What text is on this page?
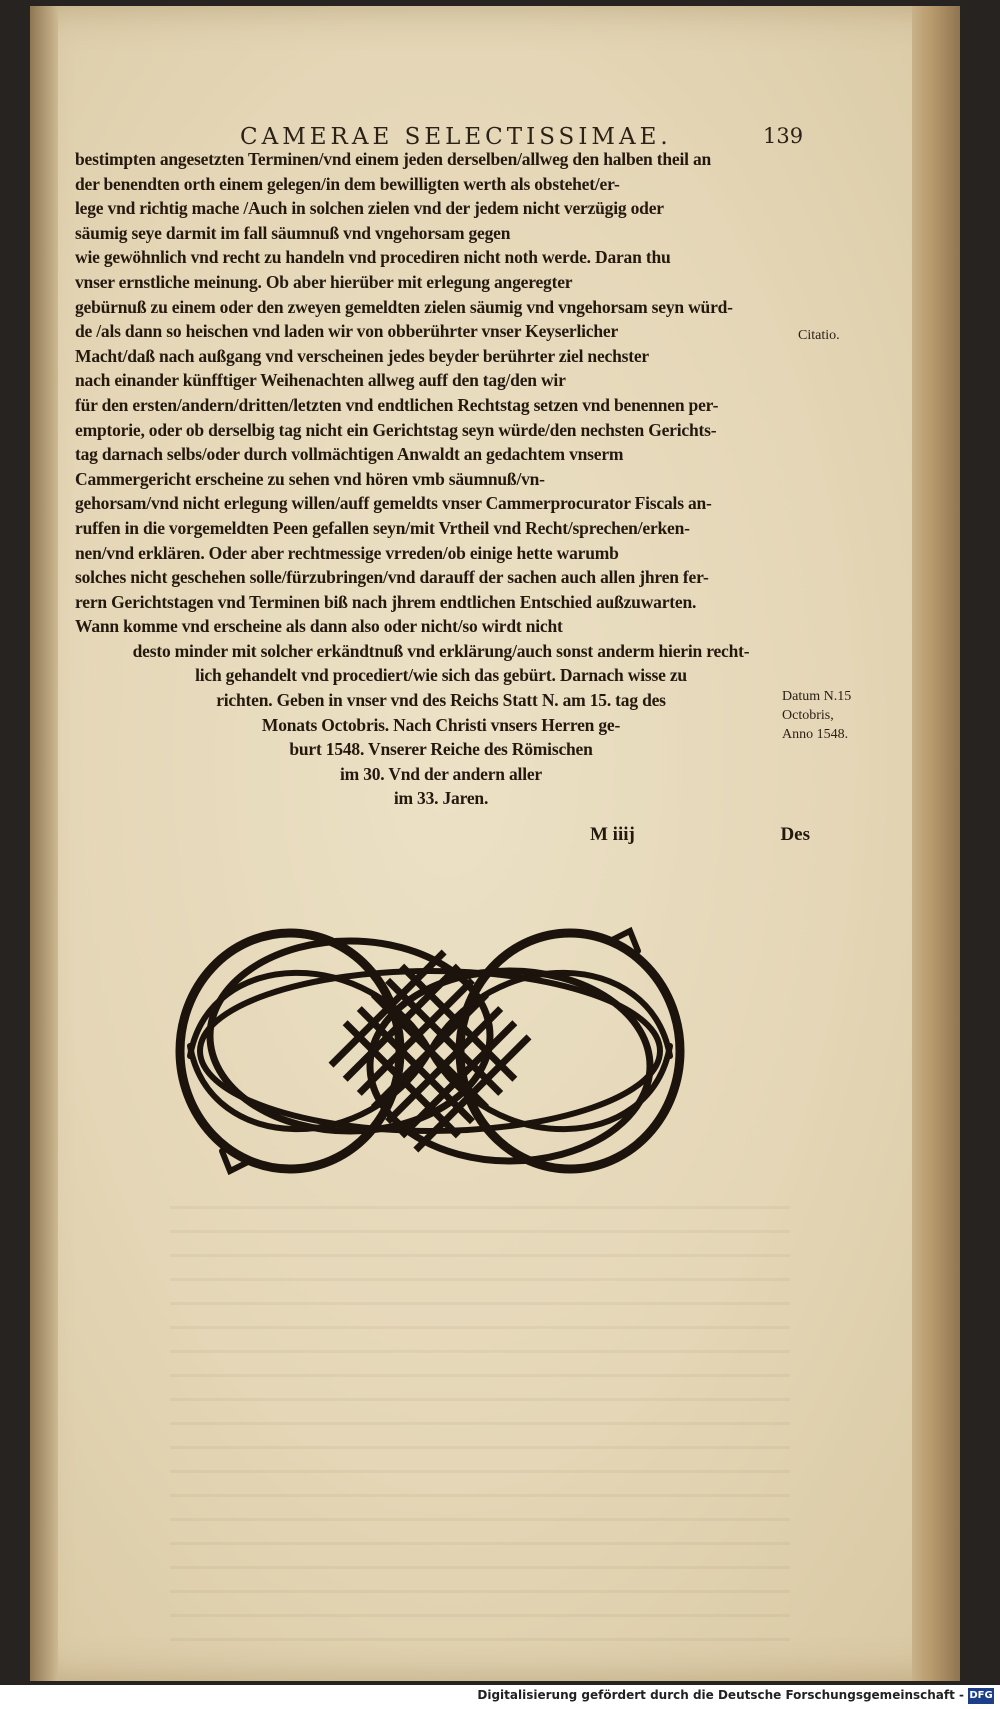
CAMERAE SELECTISSIMAE.	139
bestimpten angesetzten Terminen/vnd einem jeden derselben/allweg den halben theil an
der benendten orth einem gelegen/in dem bewilligten werth als obstehet/er-
lege vnd richtig mache /Auch in solchen zielen vnd der jedem nicht verzügig oder
säumig seye darmit im fall säumnuß vnd vngehorsam gegen
wie gewöhnlich vnd recht zu handeln vnd procediren nicht noth werde. Daran thu
vnser ernstliche meinung. Ob aber hierüber mit erlegung angeregter
gebürnuß zu einem oder den zweyen gemeldten zielen säumig vnd vngehorsam seyn würd-
de /als dann so heischen vnd laden wir von obberührter vnser Keyserlicher
Macht/daß nach außgang vnd verscheinen jedes beyder berührter ziel nechster
nach einander künfftiger Weihenachten allweg auff den tag/den wir
für den ersten/andern/dritten/letzten vnd endtlichen Rechtstag setzen vnd benennen per-
emptorie, oder ob derselbig tag nicht ein Gerichtstag seyn würde/den nechsten Gerichts-
tag darnach selbs/oder durch vollmächtigen Anwaldt an gedachtem vnserm
Cammergericht erscheine zu sehen vnd hören vmb säumnuß/vn-
gehorsam/vnd nicht erlegung willen/auff gemeldts vnser Cammerprocurator Fiscals an-
ruffen in die vorgemeldten Peen gefallen seyn/mit Vrtheil vnd Recht/sprechen/erken-
nen/vnd erklären. Oder aber rechtmessige vrreden/ob einige hette warumb
solches nicht geschehen solle/fürzubringen/vnd darauff der sachen auch allen jhren fer-
rern Gerichtstagen vnd Terminen biß nach jhrem endtlichen Entschied außzuwarten.
Wann komme vnd erscheine als dann also oder nicht/so wirdt nicht
desto minder mit solcher erkändtnuß vnd erklärung/auch sonst anderm hierin recht-
lich gehandelt vnd procediert/wie sich das gebürt. Darnach wisse zu
richten. Geben in vnser vnd des Reichs Statt N. am 15. tag des
Monats Octobris. Nach Christi vnsers Herren ge-
burt 1548. Vnserer Reiche des Römischen
im 30. Vnd der andern aller
im 33. Jaren.
Citatio.
Datum N.15
Octobris,
Anno 1548.
M iiij	Des
Digitalisierung gefördert durch die Deutsche Forschungsgemeinschaft - DFG
